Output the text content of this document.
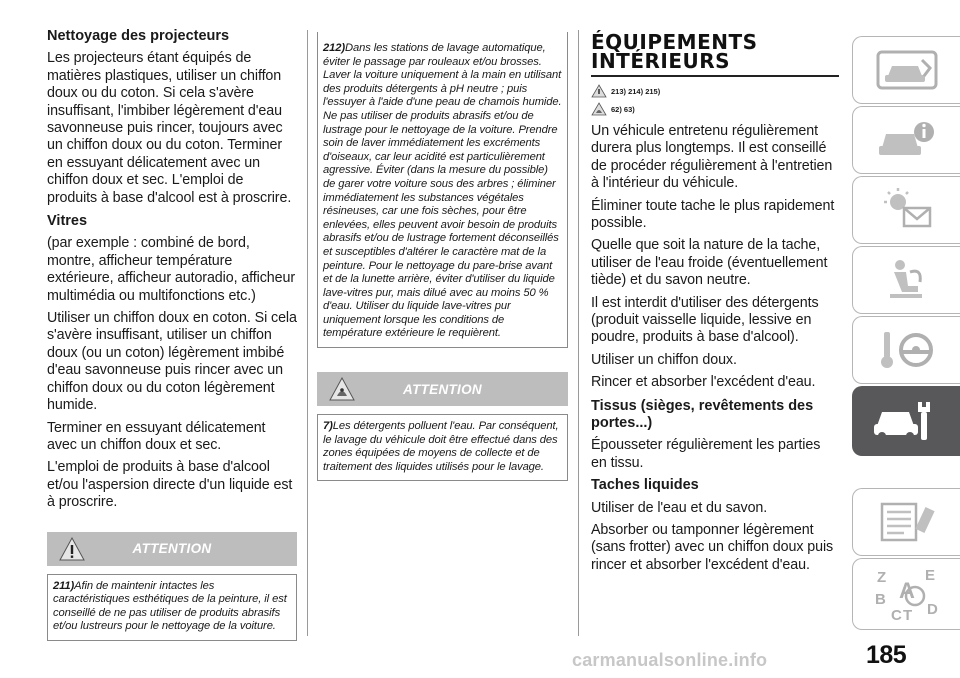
Nettoyage des projecteurs

Les projecteurs étant équipés de matières plastiques, utiliser un chiffon doux ou du coton. Si cela s'avère insuffisant, l'imbiber légèrement d'eau savonneuse puis rincer, toujours avec un chiffon doux ou du coton. Terminer en essuyant délicatement avec un chiffon doux et sec. L'emploi de produits à base d'alcool est à proscrire.

Vitres

(par exemple : combiné de bord, montre, afficheur température extérieure, afficheur autoradio, afficheur multimédia ou multifonctions etc.)

Utiliser un chiffon doux en coton. Si cela s'avère insuffisant, utiliser un chiffon doux (ou un coton) légèrement imbibé d'eau savonneuse puis rincer avec un chiffon doux ou du coton légèrement humide.

Terminer en essuyant délicatement avec un chiffon doux et sec.

L'emploi de produits à base d'alcool et/ou l'aspersion directe d'un liquide est à proscrire.

ATTENTION

211)Afin de maintenir intactes les caractéristiques esthétiques de la peinture, il est conseillé de ne pas utiliser de produits abrasifs et/ou lustreurs pour le nettoyage de la voiture.

212)Dans les stations de lavage automatique, éviter le passage par rouleaux et/ou brosses. Laver la voiture uniquement à la main en utilisant des produits détergents à pH neutre ; puis l'essuyer à l'aide d'une peau de chamois humide. Ne pas utiliser de produits abrasifs et/ou de lustrage pour le nettoyage de la voiture. Prendre soin de laver immédiatement les excréments d'oiseaux, car leur acidité est particulièrement agressive. Éviter (dans la mesure du possible) de garer votre voiture sous des arbres ; éliminer immédiatement les substances végétales résineuses, car une fois sèches, pour être enlevées, elles peuvent avoir besoin de produits abrasifs et/ou de lustrage fortement déconseillés et susceptibles d'altérer le caractère mat de la peinture. Pour le nettoyage du pare-brise avant et de la lunette arrière, éviter d'utiliser du liquide lave-vitres pur, mais dilué avec au moins 50 % d'eau. Utiliser du liquide lave-vitres pur uniquement lorsque les conditions de température extérieure le requièrent.

ATTENTION

7)Les détergents polluent l'eau. Par conséquent, le lavage du véhicule doit être effectué dans des zones équipées de moyens de collecte et de traitement des liquides utilisés pour le lavage.

ÉQUIPEMENTS
INTÉRIEURS
213) 214) 215)
62) 63)

Un véhicule entretenu régulièrement durera plus longtemps. Il est conseillé de procéder régulièrement à l'entretien à l'intérieur du véhicule.

Éliminer toute tache le plus rapidement possible.

Quelle que soit la nature de la tache, utiliser de l'eau froide (éventuellement tiède) et du savon neutre.

Il est interdit d'utiliser des détergents (produit vaisselle liquide, lessive en poudre, produits à base d'alcool).

Utiliser un chiffon doux.

Rincer et absorber l'excédent d'eau.

Tissus (sièges, revêtements des portes...)

Épousseter régulièrement les parties en tissu.

Taches liquides

Utiliser de l'eau et du savon.

Absorber ou tamponner légèrement (sans frotter) avec un chiffon doux puis rincer et absorber l'excédent d'eau.

Z	E
B A
C T D
185
carmanualsonline.info
